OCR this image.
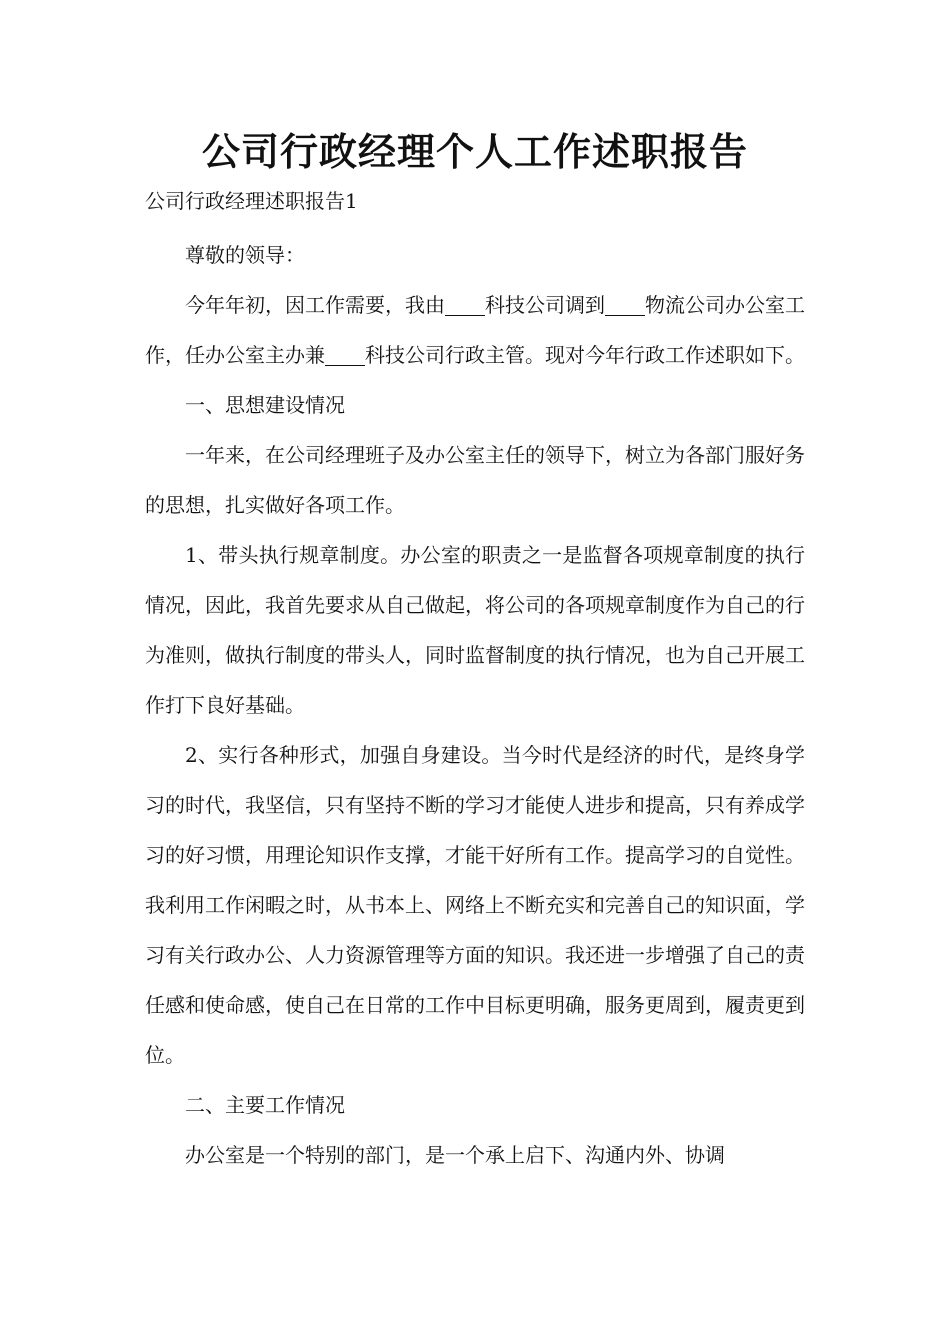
公司行政经理个人工作述职报告
公司行政经理述职报告1

尊敬的领导：

今年年初，因工作需要，我由 科技公司调到 物流公司办公室工作，任办公室主办兼 科技公司行政主管。现对今年行政工作述职如下。

一、思想建设情况

一年来，在公司经理班子及办公室主任的领导下，树立为各部门服好务的思想，扎实做好各项工作。

1、带头执行规章制度。办公室的职责之一是监督各项规章制度的执行情况，因此，我首先要求从自己做起，将公司的各项规章制度作为自己的行为准则，做执行制度的带头人，同时监督制度的执行情况，也为自己开展工作打下良好基础。

2、实行各种形式，加强自身建设。当今时代是经济的时代，是终身学习的时代，我坚信，只有坚持不断的学习才能使人进步和提高，只有养成学习的好习惯，用理论知识作支撑，才能干好所有工作。提高学习的自觉性。我利用工作闲暇之时，从书本上、网络上不断充实和完善自己的知识面，学习有关行政办公、人力资源管理等方面的知识。我还进一步增强了自己的责任感和使命感，使自己在日常的工作中目标更明确，服务更周到，履责更到位。

二、主要工作情况

办公室是一个特别的部门，是一个承上启下、沟通内外、协调
